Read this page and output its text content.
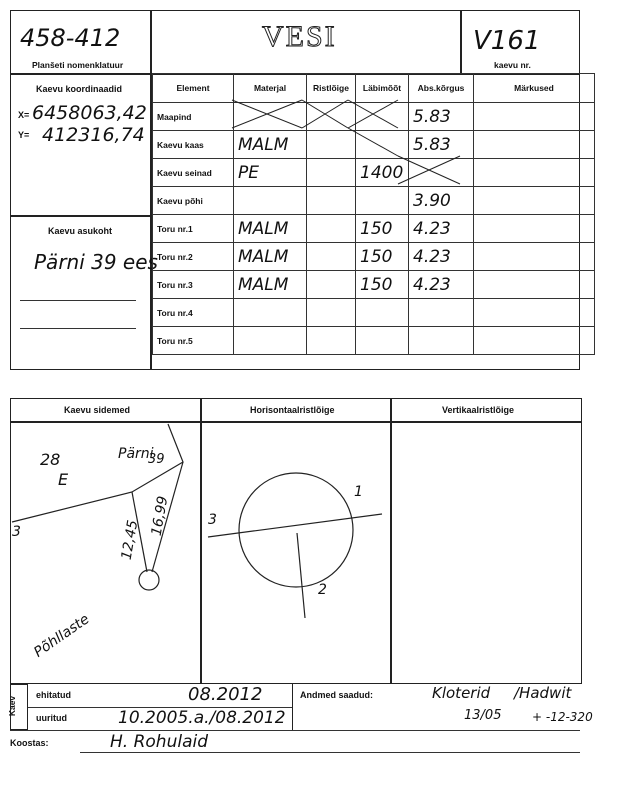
458-412
Planšeti nomenklatuur
VESI	V161
kaevu nr.
Kaevu koordinaadid
X= 6458063,42
Y= 412316,74
Kaevu asukoht
Pärni 39 ees
Element	Materjal	Ristlõige	Läbimõõt	Abs.kõrgus	Märkused
Maapind				5.83	
Kaevu kaas	MALM			5.83	
Kaevu seinad	PE		1400		
Kaevu põhi				3.90	
Toru nr.1	MALM		150	4.23	
Toru nr.2	MALM		150	4.23	
Toru nr.3	MALM		150	4.23	
Toru nr.4					
Toru nr.5					
Kaevu sidemed	Horisontaalristlõige	Vertikaalristlõige
28
E
Pärni
39
16,99
12,45
3
Põhllaste
1
2
3
Kaev
ehitatud	08.2012
uuritud	10.2005.a./08.2012
Andmed saadud:	Kloterid
13/05
/Hadwit
+ -12-320
Koostas:	H. Rohulaid
